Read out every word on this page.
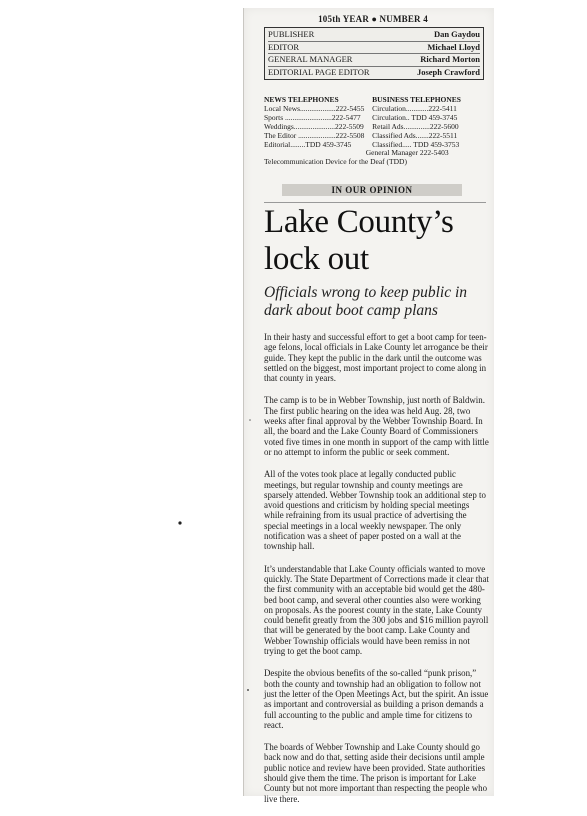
105th YEAR ● NUMBER 4
PUBLISHER	Dan Gaydou
EDITOR	Michael Lloyd
GENERAL MANAGER	Richard Morton
EDITORIAL PAGE EDITOR	Joseph Crawford
NEWS TELEPHONES
Local News...................222-5455
Sports .........................222-5477
Weddings......................222-5509
The Editor ....................222-5508
Editorial........TDD 459-3745
BUSINESS TELEPHONES
Circulation............222-5411
Circulation.. TDD 459-3745
Retail Ads..............222-5600
Classified Ads.......222-5511
Classified..... TDD 459-3753
General Manager 222-5403
Telecommunication Device for the Deaf (TDD)
IN OUR OPINION
Lake County’s lock out
Officials wrong to keep public in dark about boot camp plans

In their hasty and successful effort to get a boot camp for teen-age felons, local officials in Lake County let arrogance be their guide. They kept the public in the dark until the outcome was settled on the biggest, most important project to come along in that county in years.

The camp is to be in Webber Township, just north of Baldwin. The first public hearing on the idea was held Aug. 28, two weeks after final approval by the Webber Township Board. In all, the board and the Lake County Board of Commissioners voted five times in one month in support of the camp with little or no attempt to inform the public or seek comment.

All of the votes took place at legally conducted public meetings, but regular township and county meetings are sparsely attended. Webber Township took an additional step to avoid questions and criticism by holding special meetings while refraining from its usual practice of advertising the special meetings in a local weekly newspaper. The only notification was a sheet of paper posted on a wall at the township hall.

It’s understandable that Lake County officials wanted to move quickly. The State Department of Corrections made it clear that the first community with an acceptable bid would get the 480-bed boot camp, and several other counties also were working on proposals. As the poorest county in the state, Lake County could benefit greatly from the 300 jobs and $16 million payroll that will be generated by the boot camp. Lake County and Webber Township officials would have been remiss in not trying to get the boot camp.

Despite the obvious benefits of the so-called “punk prison,” both the county and township had an obligation to follow not just the letter of the Open Meetings Act, but the spirit. An issue as important and controversial as building a prison demands a full accounting to the public and ample time for citizens to react.

The boards of Webber Township and Lake County should go back now and do that, setting aside their decisions until ample public notice and review have been provided. State authorities should give them the time. The prison is important for Lake County but not more important than respecting the people who live there.
